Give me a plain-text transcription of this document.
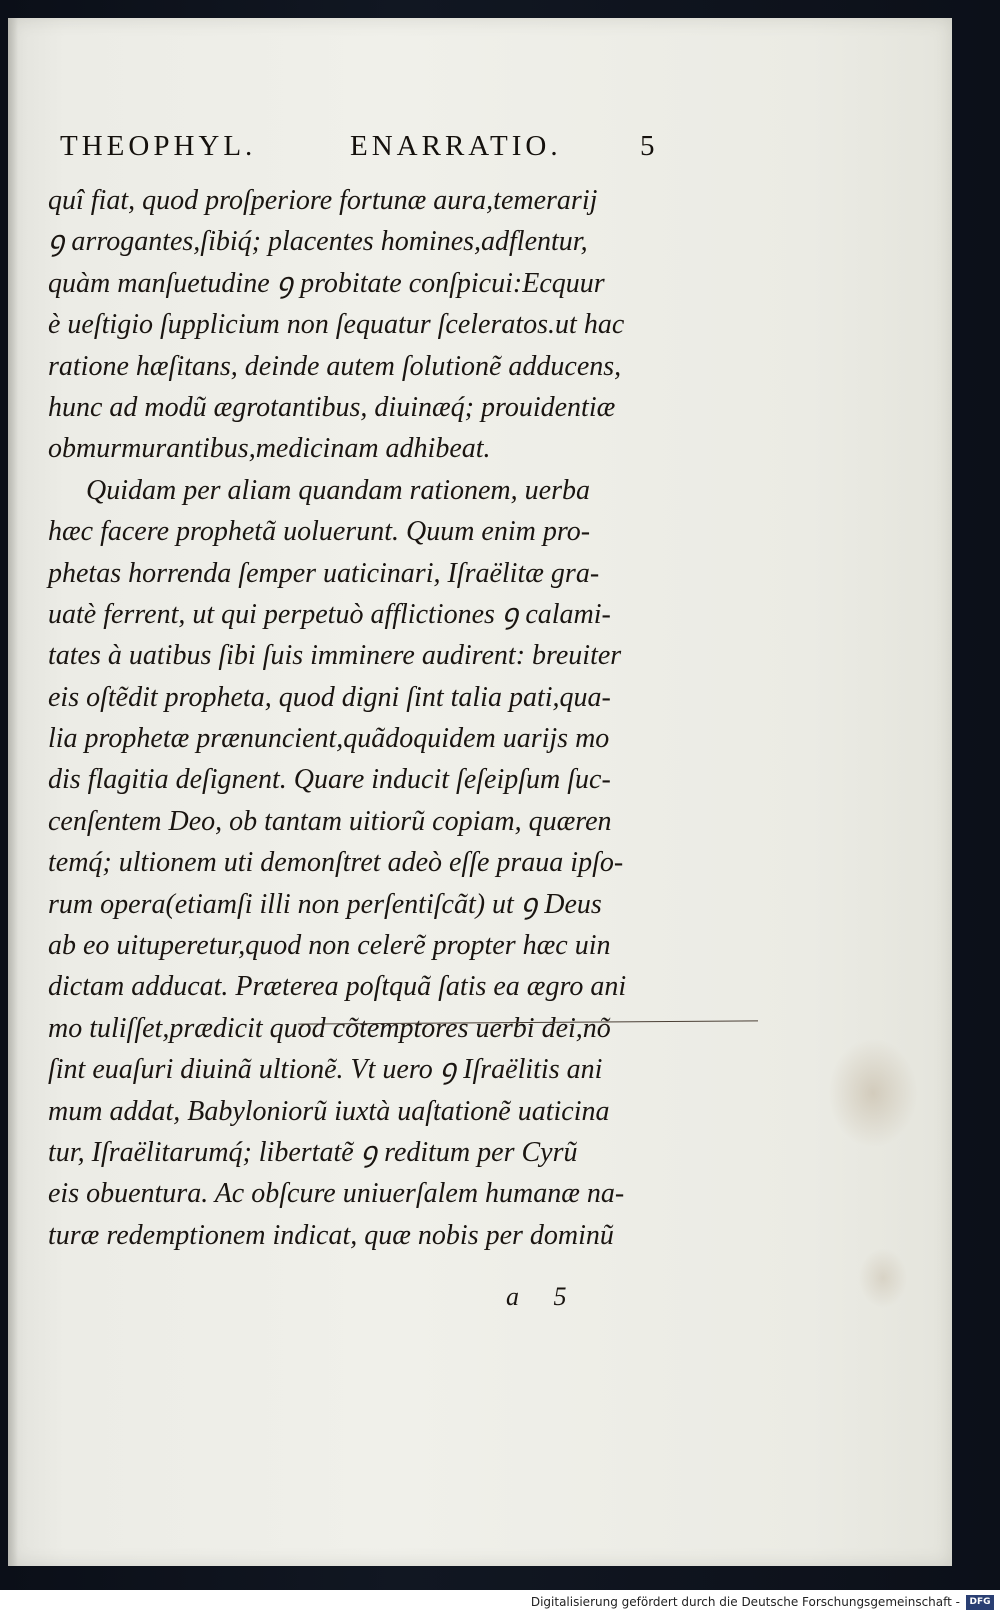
THEOPHYL.	ENARRATIO.	5
quî fiat, quod proſperiore fortunæ aura,temerarij
ꝯ arrogantes,ſibiq́; placentes homines,adflentur,
quàm manſuetudine ꝯ probitate conſpicui:Ecquur
è ueſtigio ſupplicium non ſequatur ſceleratos.ut hac
ratione hæſitans, deinde autem ſolutionẽ adducens,
hunc ad modũ ægrotantibus, diuinæq́; prouidentiæ
obmurmurantibus,medicinam adhibeat.
Quidam per aliam quandam rationem, uerba
hæc facere prophetã uoluerunt. Quum enim pro-
phetas horrenda ſemper uaticinari, Iſraëlitæ gra-
uatè ferrent, ut qui perpetuò afflictiones ꝯ calami-
tates à uatibus ſibi ſuis imminere audirent: breuiter
eis oſtẽdit propheta, quod digni ſint talia pati,qua-
lia prophetæ prænuncient,quãdoquidem uarijs mo
dis flagitia deſignent. Quare inducit ſeſeipſum ſuc-
cenſentem Deo, ob tantam uitiorũ copiam, quæren
temq́; ultionem uti demonſtret adeò eſſe praua ipſo-
rum opera(etiamſi illi non perſentiſcãt) ut ꝯ Deus
ab eo uituperetur,quod non celerẽ propter hæc uin
dictam adducat. Præterea poſtquã ſatis ea ægro ani
mo tuliſſet,prædicit quod cõtemptores uerbi dei,nõ
ſint euaſuri diuinã ultionẽ. Vt uero ꝯ Iſraëlitis ani
mum addat, Babyloniorũ iuxtà uaſtationẽ uaticina
tur, Iſraëlitarumq́; libertatẽ ꝯ reditum per Cyrũ
eis obuentura. Ac obſcure uniuerſalem humanæ na-
turæ redemptionem indicat, quæ nobis per dominũ
a 5
Digitalisierung gefördert durch die Deutsche Forschungsgemeinschaft -	DFG
